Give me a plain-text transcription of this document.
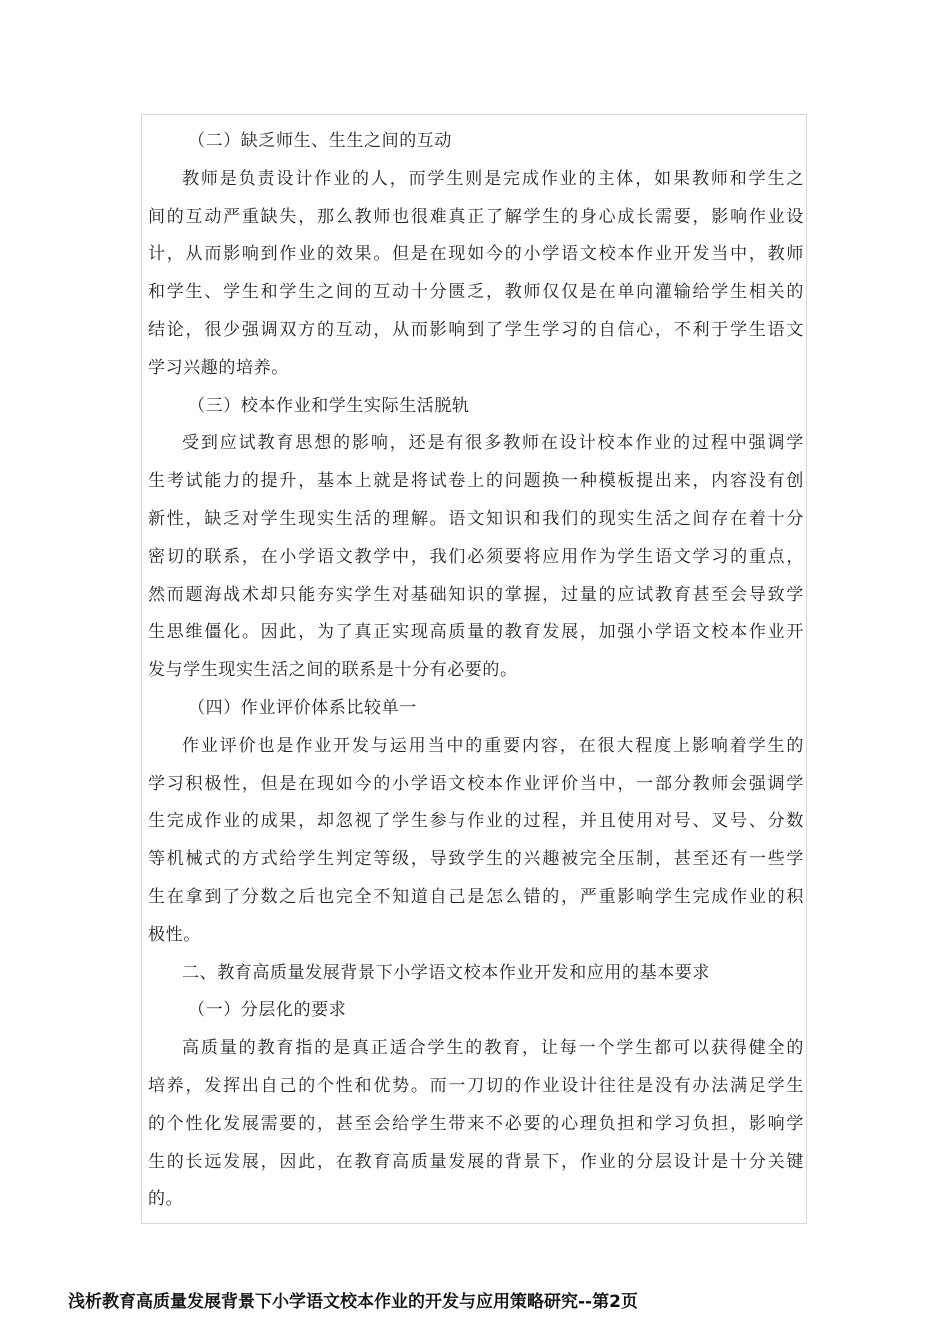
（二）缺乏师生、生生之间的互动
教师是负责设计作业的人，而学生则是完成作业的主体，如果教师和学生之
间的互动严重缺失，那么教师也很难真正了解学生的身心成长需要，影响作业设
计，从而影响到作业的效果。但是在现如今的小学语文校本作业开发当中，教师
和学生、学生和学生之间的互动十分匮乏，教师仅仅是在单向灌输给学生相关的
结论，很少强调双方的互动，从而影响到了学生学习的自信心，不利于学生语文
学习兴趣的培养。
（三）校本作业和学生实际生活脱轨
受到应试教育思想的影响，还是有很多教师在设计校本作业的过程中强调学
生考试能力的提升，基本上就是将试卷上的问题换一种模板提出来，内容没有创
新性，缺乏对学生现实生活的理解。语文知识和我们的现实生活之间存在着十分
密切的联系，在小学语文教学中，我们必须要将应用作为学生语文学习的重点，
然而题海战术却只能夯实学生对基础知识的掌握，过量的应试教育甚至会导致学
生思维僵化。因此，为了真正实现高质量的教育发展，加强小学语文校本作业开
发与学生现实生活之间的联系是十分有必要的。
（四）作业评价体系比较单一
作业评价也是作业开发与运用当中的重要内容，在很大程度上影响着学生的
学习积极性，但是在现如今的小学语文校本作业评价当中，一部分教师会强调学
生完成作业的成果，却忽视了学生参与作业的过程，并且使用对号、叉号、分数
等机械式的方式给学生判定等级，导致学生的兴趣被完全压制，甚至还有一些学
生在拿到了分数之后也完全不知道自己是怎么错的，严重影响学生完成作业的积
极性。
二、教育高质量发展背景下小学语文校本作业开发和应用的基本要求
（一）分层化的要求
高质量的教育指的是真正适合学生的教育，让每一个学生都可以获得健全的
培养，发挥出自己的个性和优势。而一刀切的作业设计往往是没有办法满足学生
的个性化发展需要的，甚至会给学生带来不必要的心理负担和学习负担，影响学
生的长远发展，因此，在教育高质量发展的背景下，作业的分层设计是十分关键
的。
浅析教育高质量发展背景下小学语文校本作业的开发与应用策略研究--第2页
